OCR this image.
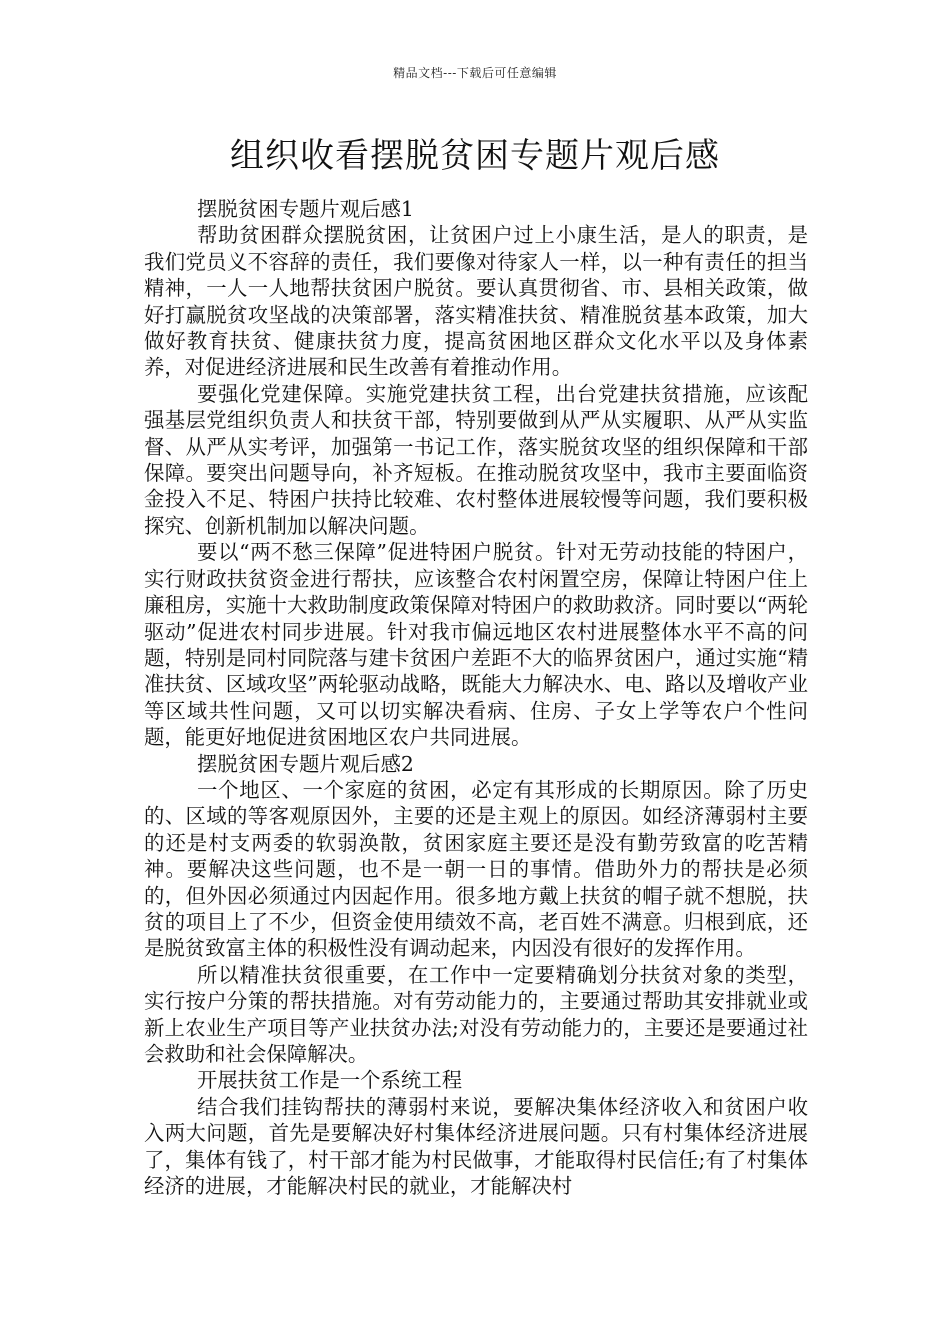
精品文档---下载后可任意编辑
组织收看摆脱贫困专题片观后感

摆脱贫困专题片观后感1

帮助贫困群众摆脱贫困，让贫困户过上小康生活，是人的职责，是我们党员义不容辞的责任，我们要像对待家人一样，以一种有责任的担当精神，一人一人地帮扶贫困户脱贫。要认真贯彻省、市、县相关政策，做好打赢脱贫攻坚战的决策部署，落实精准扶贫、精准脱贫基本政策，加大做好教育扶贫、健康扶贫力度，提高贫困地区群众文化水平以及身体素养，对促进经济进展和民生改善有着推动作用。

要强化党建保障。实施党建扶贫工程，出台党建扶贫措施，应该配强基层党组织负责人和扶贫干部，特别要做到从严从实履职、从严从实监督、从严从实考评，加强第一书记工作，落实脱贫攻坚的组织保障和干部保障。要突出问题导向，补齐短板。在推动脱贫攻坚中，我市主要面临资金投入不足、特困户扶持比较难、农村整体进展较慢等问题，我们要积极探究、创新机制加以解决问题。

要以“两不愁三保障”促进特困户脱贫。针对无劳动技能的特困户，实行财政扶贫资金进行帮扶，应该整合农村闲置空房，保障让特困户住上廉租房，实施十大救助制度政策保障对特困户的救助救济。同时要以“两轮驱动”促进农村同步进展。针对我市偏远地区农村进展整体水平不高的问题，特别是同村同院落与建卡贫困户差距不大的临界贫困户，通过实施“精准扶贫、区域攻坚”两轮驱动战略，既能大力解决水、电、路以及增收产业等区域共性问题，又可以切实解决看病、住房、子女上学等农户个性问题，能更好地促进贫困地区农户共同进展。

摆脱贫困专题片观后感2

一个地区、一个家庭的贫困，必定有其形成的长期原因。除了历史的、区域的等客观原因外，主要的还是主观上的原因。如经济薄弱村主要的还是村支两委的软弱涣散，贫困家庭主要还是没有勤劳致富的吃苦精神。要解决这些问题，也不是一朝一日的事情。借助外力的帮扶是必须的，但外因必须通过内因起作用。很多地方戴上扶贫的帽子就不想脱，扶贫的项目上了不少，但资金使用绩效不高，老百姓不满意。归根到底，还是脱贫致富主体的积极性没有调动起来，内因没有很好的发挥作用。

所以精准扶贫很重要，在工作中一定要精确划分扶贫对象的类型，实行按户分策的帮扶措施。对有劳动能力的，主要通过帮助其安排就业或新上农业生产项目等产业扶贫办法;对没有劳动能力的，主要还是要通过社会救助和社会保障解决。

开展扶贫工作是一个系统工程

结合我们挂钩帮扶的薄弱村来说，要解决集体经济收入和贫困户收入两大问题，首先是要解决好村集体经济进展问题。只有村集体经济进展了，集体有钱了，村干部才能为村民做事，才能取得村民信任;有了村集体经济的进展，才能解决村民的就业，才能解决村
